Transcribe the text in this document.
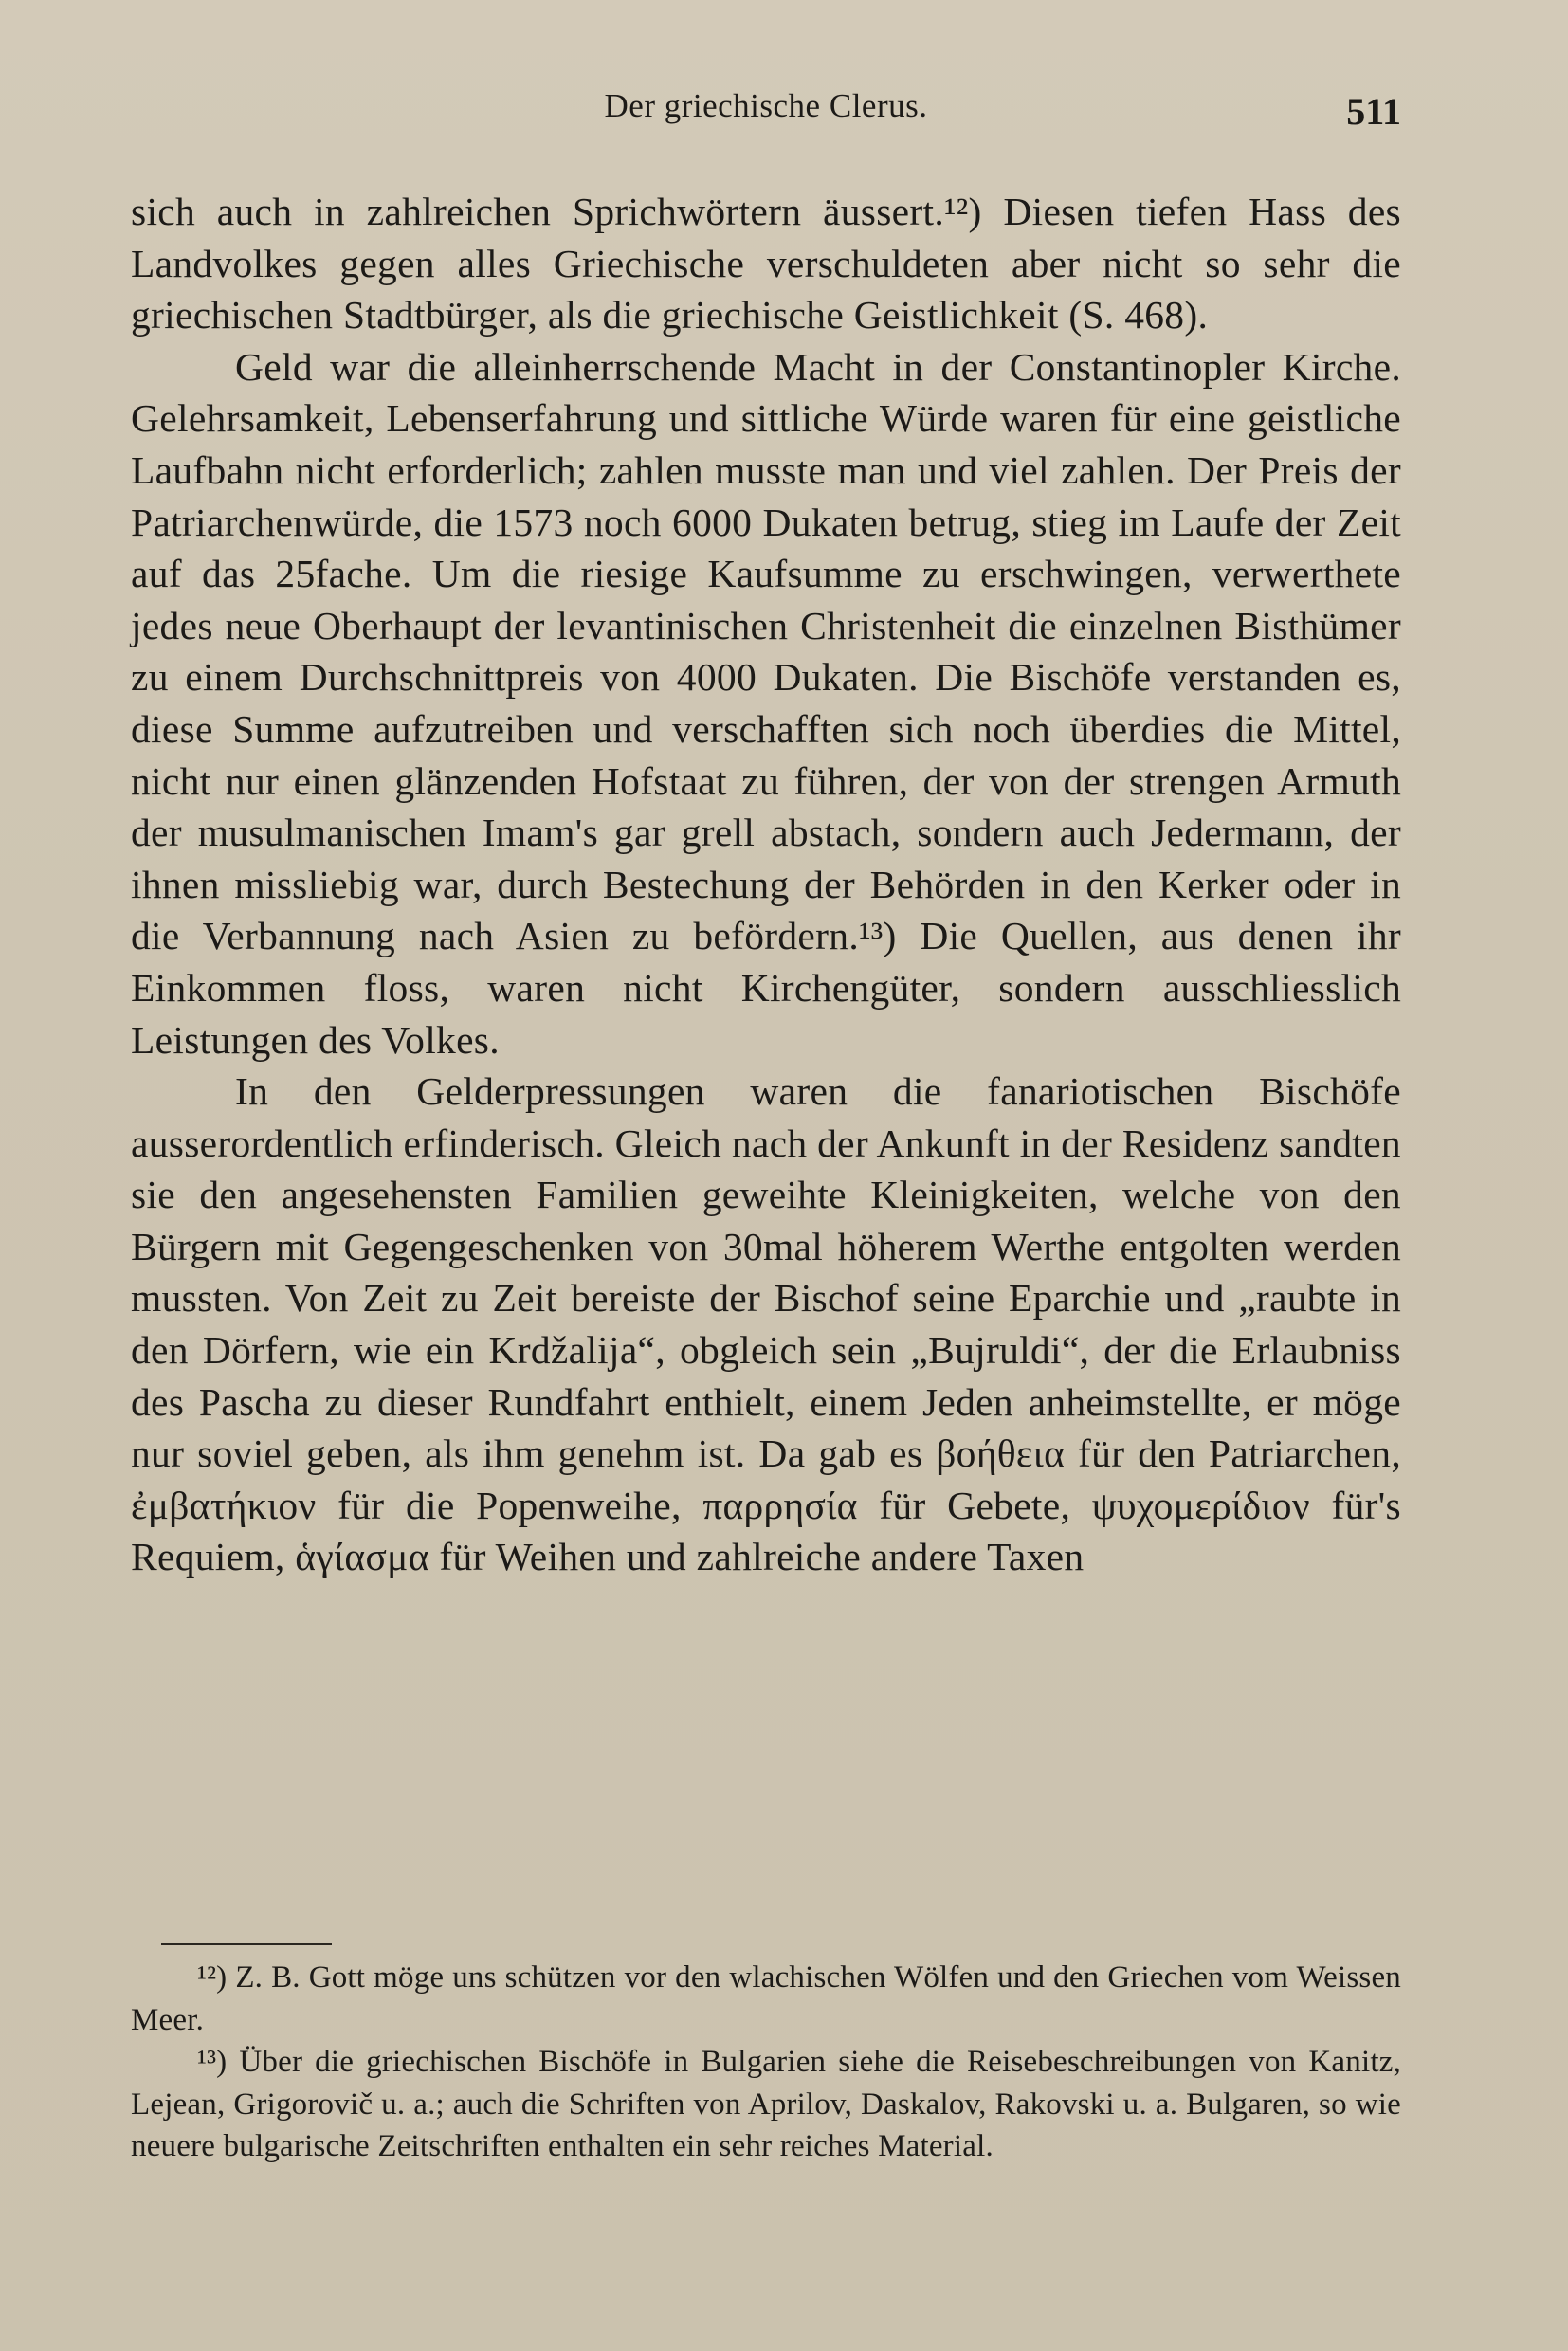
Der griechische Clerus.	511

sich auch in zahlreichen Sprichwörtern äussert.¹²) Diesen tiefen Hass des Landvolkes gegen alles Griechische verschuldeten aber nicht so sehr die griechischen Stadtbürger, als die griechische Geistlichkeit (S. 468).

Geld war die alleinherrschende Macht in der Constantinopler Kirche. Gelehrsamkeit, Lebenserfahrung und sittliche Würde waren für eine geistliche Laufbahn nicht erforderlich; zahlen musste man und viel zahlen. Der Preis der Patriarchenwürde, die 1573 noch 6000 Dukaten betrug, stieg im Laufe der Zeit auf das 25fache. Um die riesige Kaufsumme zu erschwingen, verwerthete jedes neue Oberhaupt der levantinischen Christenheit die einzelnen Bisthümer zu einem Durchschnittpreis von 4000 Dukaten. Die Bischöfe verstanden es, diese Summe aufzutreiben und verschafften sich noch überdies die Mittel, nicht nur einen glänzenden Hofstaat zu führen, der von der strengen Armuth der musulmanischen Imam's gar grell abstach, sondern auch Jedermann, der ihnen missliebig war, durch Bestechung der Behörden in den Kerker oder in die Verbannung nach Asien zu befördern.¹³) Die Quellen, aus denen ihr Einkommen floss, waren nicht Kirchengüter, sondern ausschliesslich Leistungen des Volkes.

In den Gelderpressungen waren die fanariotischen Bischöfe ausserordentlich erfinderisch. Gleich nach der Ankunft in der Residenz sandten sie den angesehensten Familien geweihte Kleinigkeiten, welche von den Bürgern mit Gegengeschenken von 30mal höherem Werthe entgolten werden mussten. Von Zeit zu Zeit bereiste der Bischof seine Eparchie und „raubte in den Dörfern, wie ein Krdžalija“, obgleich sein „Bujruldi“, der die Erlaubniss des Pascha zu dieser Rundfahrt enthielt, einem Jeden anheimstellte, er möge nur soviel geben, als ihm genehm ist. Da gab es βοήθεια für den Patriarchen, ἐμβατήκιον für die Popenweihe, παρρησία für Gebete, ψυχομερίδιον für's Requiem, ἁγίασμα für Weihen und zahlreiche andere Taxen

¹²) Z. B. Gott möge uns schützen vor den wlachischen Wölfen und den Griechen vom Weissen Meer.

¹³) Über die griechischen Bischöfe in Bulgarien siehe die Reisebeschreibungen von Kanitz, Lejean, Grigorovič u. a.; auch die Schriften von Aprilov, Daskalov, Rakovski u. a. Bulgaren, so wie neuere bulgarische Zeitschriften enthalten ein sehr reiches Material.
